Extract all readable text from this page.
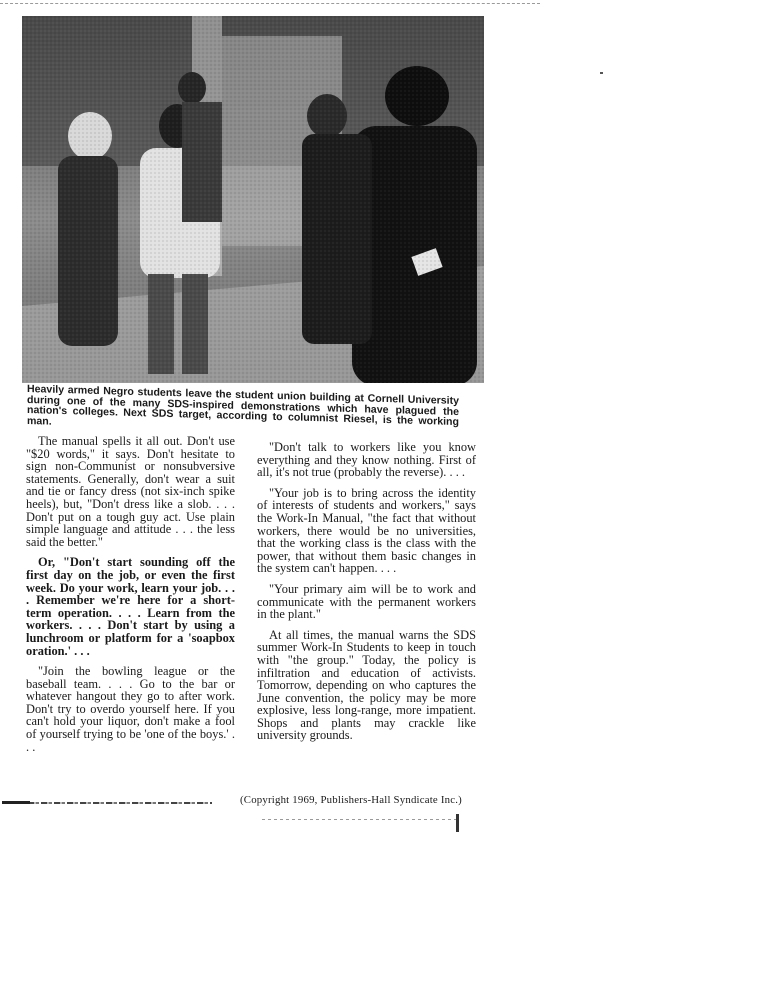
Heavily armed Negro students leave the student union building at Cornell University during one of the many SDS-inspired demonstrations which have plagued the nation's colleges. Next SDS target, according to columnist Riesel, is the working man.

The manual spells it all out. Don't use "$20 words," it says. Don't hesitate to sign non-Communist or nonsubversive statements. Generally, don't wear a suit and tie or fancy dress (not six-inch spike heels), but, "Don't dress like a slob. . . . Don't put on a tough guy act. Use plain simple language and attitude . . . the less said the better."

Or, "Don't start sounding off the first day on the job, or even the first week. Do your work, learn your job. . . . Remember we're here for a short-term operation. . . . Learn from the workers. . . . Don't start by using a lunchroom or platform for a 'soapbox oration.' . . .

"Join the bowling league or the baseball team. . . . Go to the bar or whatever hangout they go to after work. Don't try to overdo yourself here. If you can't hold your liquor, don't make a fool of yourself trying to be 'one of the boys.' . . .

"Don't talk to workers like you know everything and they know nothing. First of all, it's not true (probably the reverse). . . .

"Your job is to bring across the identity of interests of students and workers," says the Work-In Manual, "the fact that without workers, there would be no universities, that the working class is the class with the power, that without them basic changes in the system can't happen. . . .

"Your primary aim will be to work and communicate with the permanent workers in the plant."

At all times, the manual warns the SDS summer Work-In Students to keep in touch with "the group." Today, the policy is infiltration and education of activists. Tomorrow, depending on who captures the June convention, the policy may be more explosive, less long-range, more impatient. Shops and plants may crackle like university grounds.

(Copyright 1969, Publishers-Hall Syndicate Inc.)
